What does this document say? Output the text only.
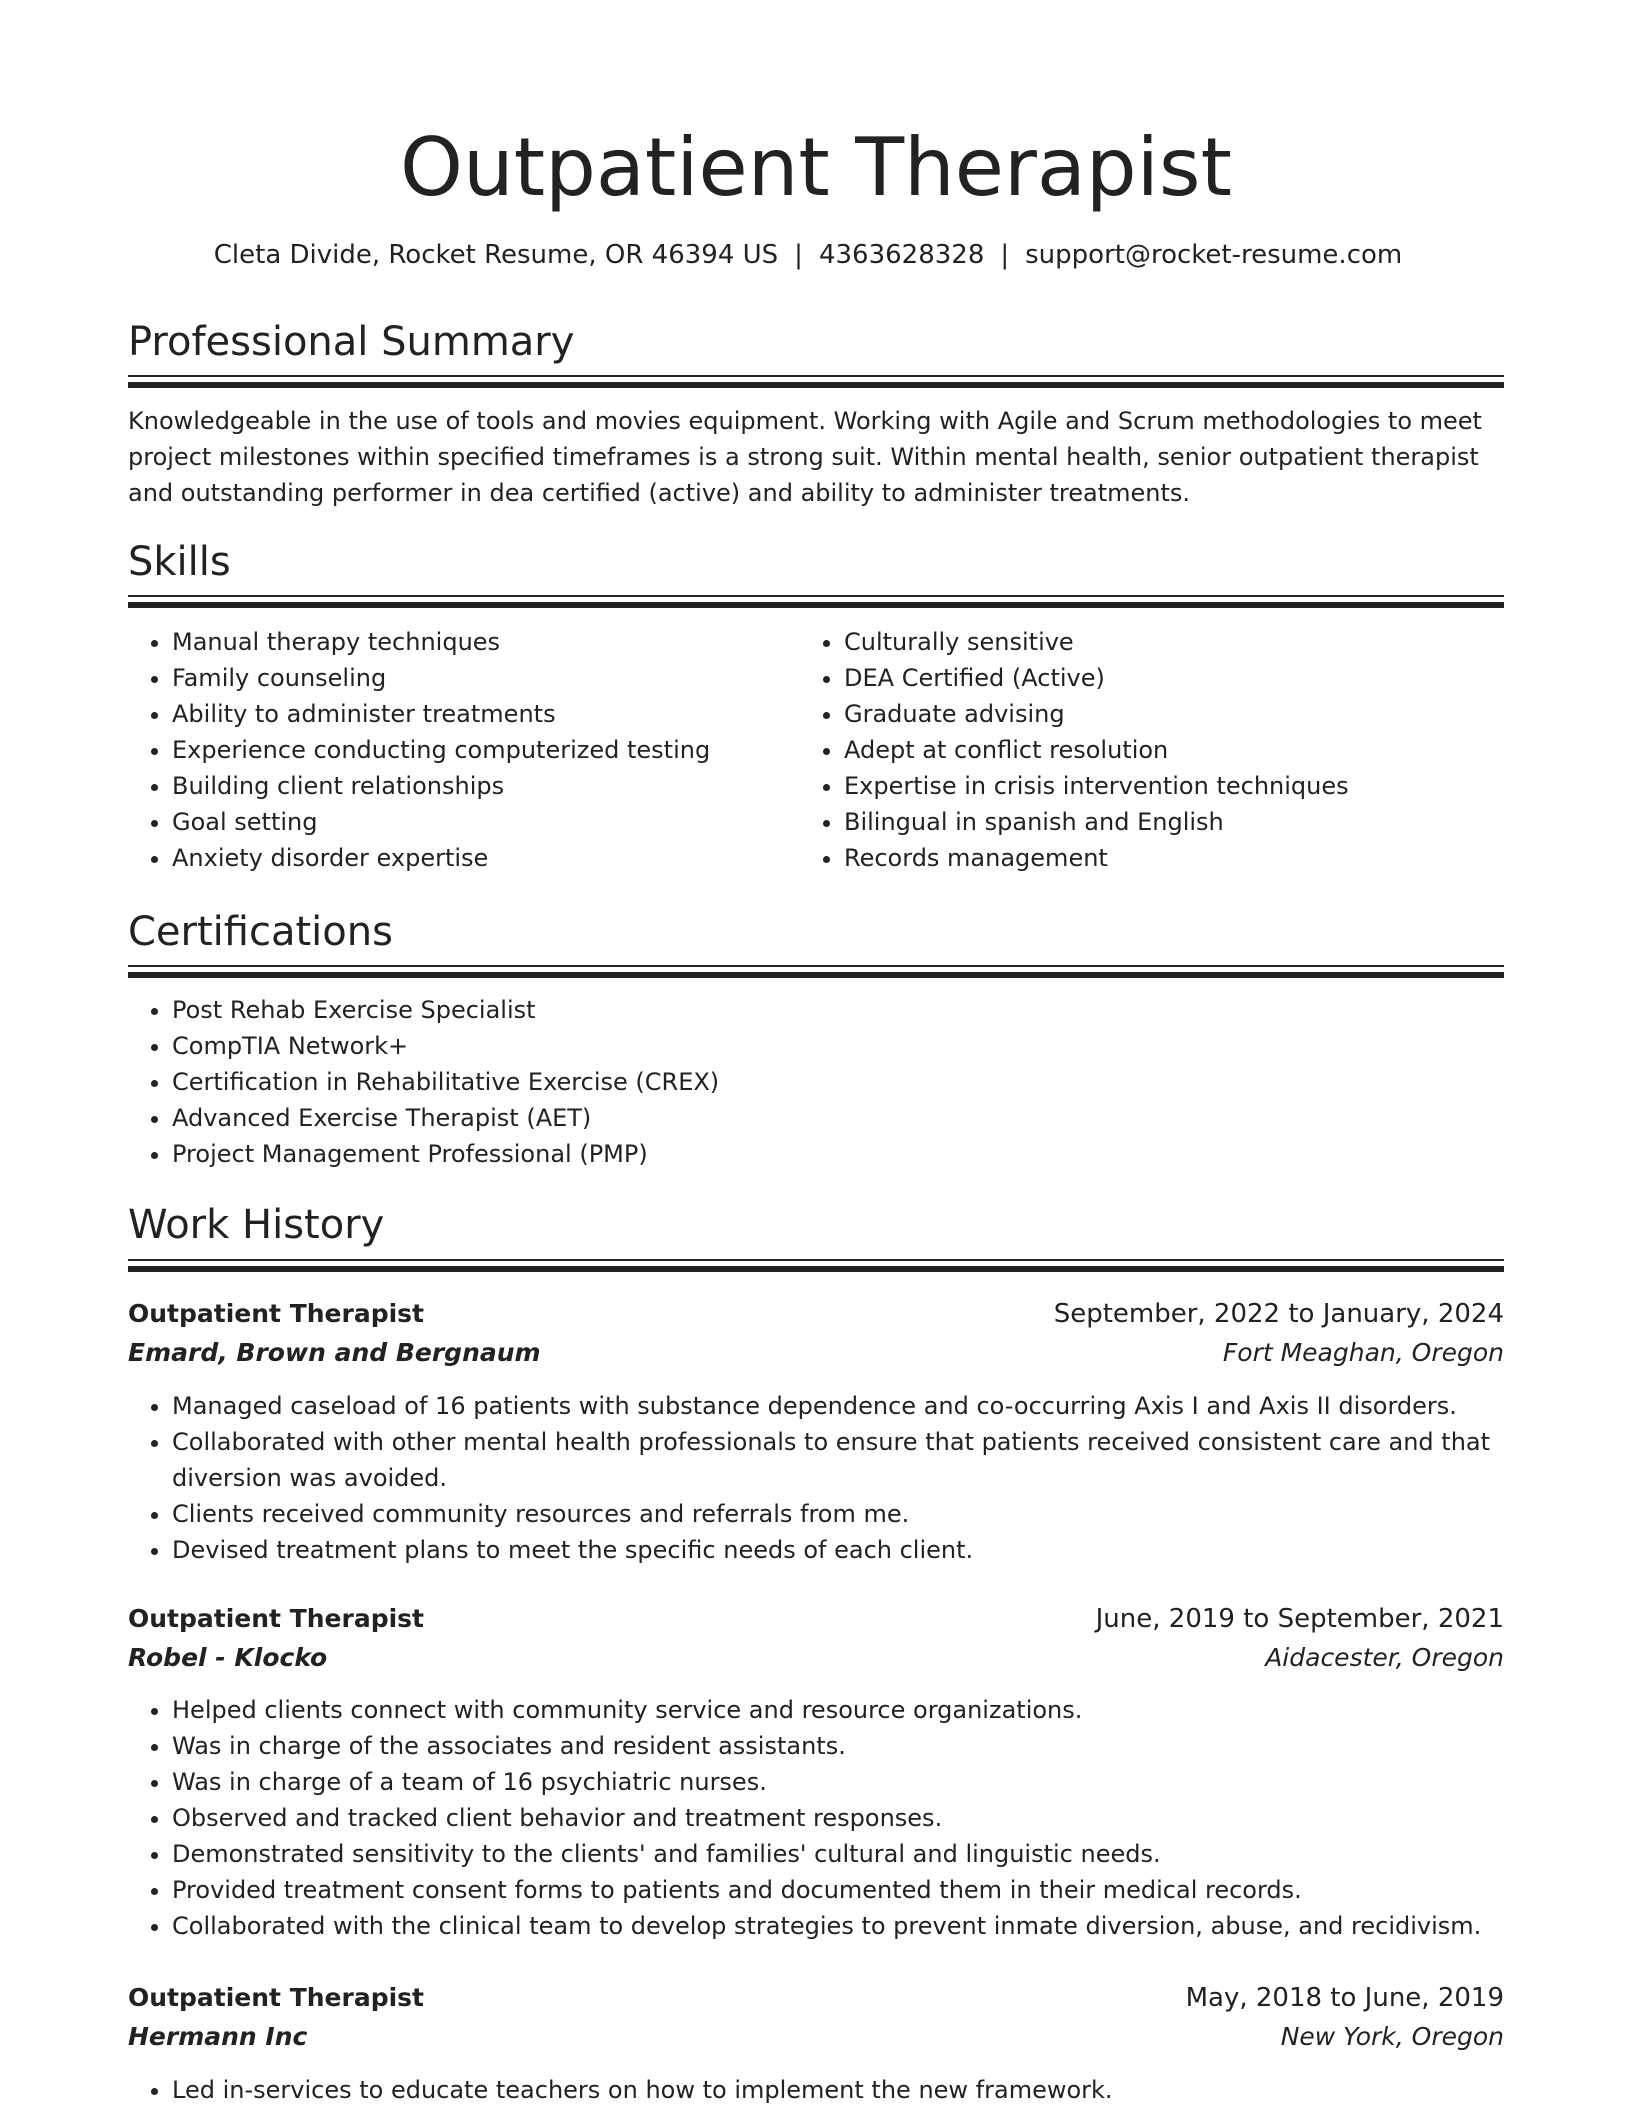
Outpatient Therapist
Cleta Divide, Rocket Resume, OR 46394 US | 4363628328 | support@rocket-resume.com
Professional Summary

Knowledgeable in the use of tools and movies equipment. Working with Agile and Scrum methodologies to meet project milestones within specified timeframes is a strong suit. Within mental health, senior outpatient therapist and outstanding performer in dea certified (active) and ability to administer treatments.

Skills
• Manual therapy techniques
• Family counseling
• Ability to administer treatments
• Experience conducting computerized testing
• Building client relationships
• Goal setting
• Anxiety disorder expertise
• Culturally sensitive
• DEA Certified (Active)
• Graduate advising
• Adept at conflict resolution
• Expertise in crisis intervention techniques
• Bilingual in spanish and English
• Records management
Certifications
• Post Rehab Exercise Specialist
• CompTIA Network+
• Certification in Rehabilitative Exercise (CREX)
• Advanced Exercise Therapist (AET)
• Project Management Professional (PMP)
Work History
Outpatient Therapist	September, 2022 to January, 2024
Emard, Brown and Bergnaum	Fort Meaghan, Oregon
• Managed caseload of 16 patients with substance dependence and co-occurring Axis I and Axis II disorders.
• Collaborated with other mental health professionals to ensure that patients received consistent care and that diversion was avoided.
• Clients received community resources and referrals from me.
• Devised treatment plans to meet the specific needs of each client.
Outpatient Therapist	June, 2019 to September, 2021
Robel - Klocko	Aidacester, Oregon
• Helped clients connect with community service and resource organizations.
• Was in charge of the associates and resident assistants.
• Was in charge of a team of 16 psychiatric nurses.
• Observed and tracked client behavior and treatment responses.
• Demonstrated sensitivity to the clients' and families' cultural and linguistic needs.
• Provided treatment consent forms to patients and documented them in their medical records.
• Collaborated with the clinical team to develop strategies to prevent inmate diversion, abuse, and recidivism.
Outpatient Therapist	May, 2018 to June, 2019
Hermann Inc	New York, Oregon
• Led in-services to educate teachers on how to implement the new framework.
